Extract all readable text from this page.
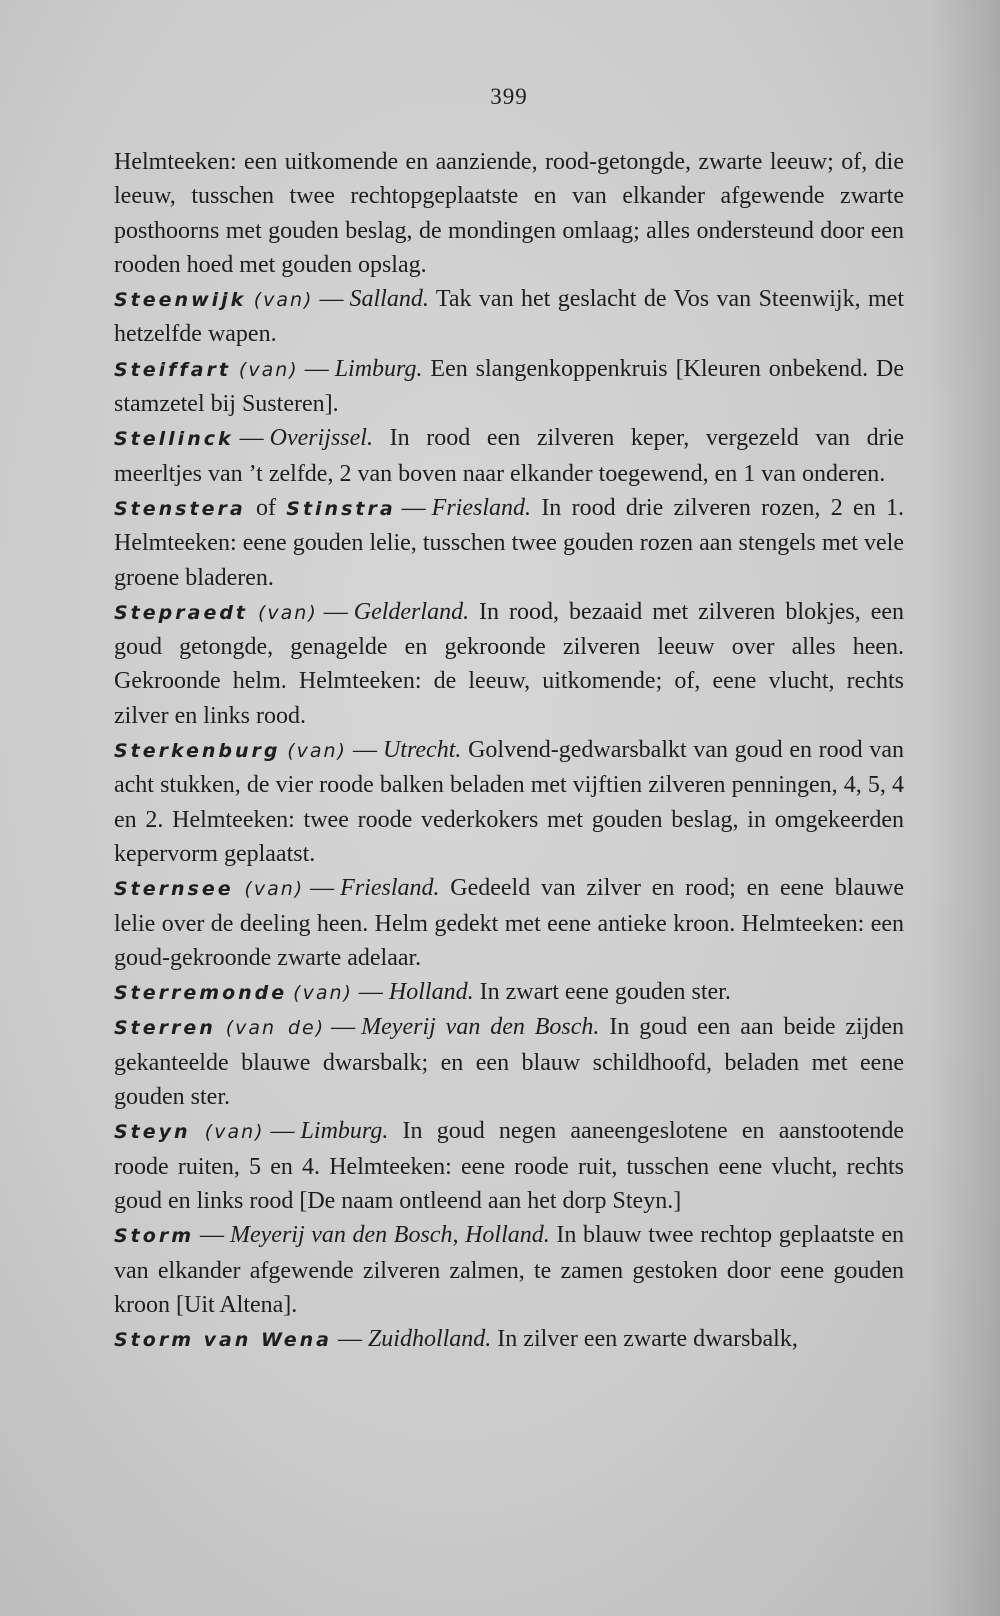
399

Helmteeken: een uitkomende en aanziende, rood-getongde, zwarte leeuw; of, die leeuw, tusschen twee rechtopgeplaatste en van elkander afgewende zwarte posthoorns met gouden beslag, de mondingen omlaag; alles ondersteund door een rooden hoed met gouden opslag.

Steenwijk (van) — Salland. Tak van het geslacht de Vos van Steenwijk, met hetzelfde wapen.

Steiffart (van) — Limburg. Een slangenkoppenkruis [Kleuren onbekend. De stamzetel bij Susteren].

Stellinck — Overijssel. In rood een zilveren keper, vergezeld van drie meerltjes van ’t zelfde, 2 van boven naar elkander toegewend, en 1 van onderen.

Stenstera of Stinstra — Friesland. In rood drie zilveren rozen, 2 en 1. Helmteeken: eene gouden lelie, tusschen twee gouden rozen aan stengels met vele groene bladeren.

Stepraedt (van) — Gelderland. In rood, bezaaid met zilveren blokjes, een goud getongde, genagelde en gekroonde zilveren leeuw over alles heen. Gekroonde helm. Helmteeken: de leeuw, uitkomende; of, eene vlucht, rechts zilver en links rood.

Sterkenburg (van) — Utrecht. Golvend-gedwarsbalkt van goud en rood van acht stukken, de vier roode balken beladen met vijftien zilveren penningen, 4, 5, 4 en 2. Helmteeken: twee roode vederkokers met gouden beslag, in omgekeerden kepervorm geplaatst.

Sternsee (van) — Friesland. Gedeeld van zilver en rood; en eene blauwe lelie over de deeling heen. Helm gedekt met eene antieke kroon. Helmteeken: een goud-gekroonde zwarte adelaar.

Sterremonde (van) — Holland. In zwart eene gouden ster.

Sterren (van de) — Meyerij van den Bosch. In goud een aan beide zijden gekanteelde blauwe dwarsbalk; en een blauw schildhoofd, beladen met eene gouden ster.

Steyn (van) — Limburg. In goud negen aaneengeslotene en aanstootende roode ruiten, 5 en 4. Helmteeken: eene roode ruit, tusschen eene vlucht, rechts goud en links rood [De naam ontleend aan het dorp Steyn.]

Storm — Meyerij van den Bosch, Holland. In blauw twee rechtop geplaatste en van elkander afgewende zilveren zalmen, te zamen gestoken door eene gouden kroon [Uit Altena].

Storm van Wena — Zuidholland. In zilver een zwarte dwarsbalk,
